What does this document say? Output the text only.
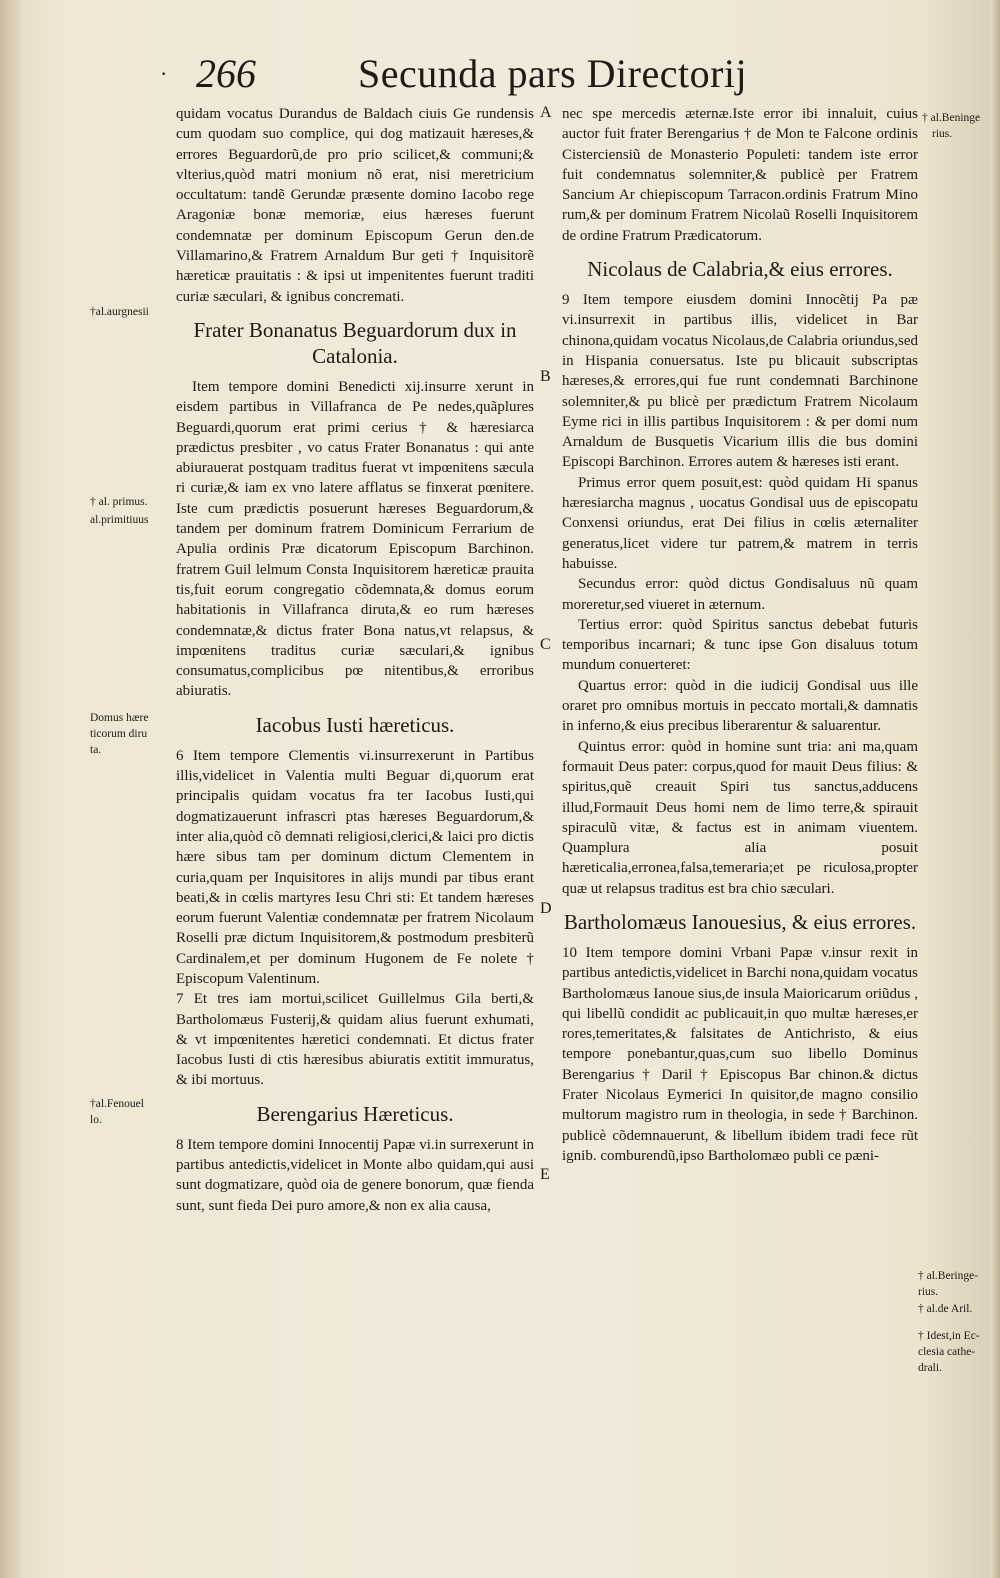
· 266	Secunda pars Directorij

quidam vocatus Durandus de Baldach ciuis Ge rundensis cum quodam suo complice, qui dog matizauit hæreses,& errores Beguardorũ,de pro prio scilicet,& communi;& vlterius,quòd matri monium nõ erat, nisi meretricium occultatum: tandẽ Gerundæ præsente domino Iacobo rege Aragoniæ bonæ memoriæ, eius hæreses fuerunt condemnatæ per dominum Episcopum Gerun den.de Villamarino,& Fratrem Arnaldum Bur geti † Inquisitorẽ hæreticæ prauitatis : & ipsi ut impenitentes fuerunt traditi curiæ sæculari, & ignibus concremati.

Frater Bonanatus Beguardorum dux in Catalonia.

Item tempore domini Benedicti xij.insurre xerunt in eisdem partibus in Villafranca de Pe nedes,quãplures Beguardi,quorum erat primi cerius † & hæresiarca prædictus presbiter , vo catus Frater Bonanatus : qui ante abiurauerat postquam traditus fuerat vt impœnitens sæcula ri curiæ,& iam ex vno latere afflatus se finxerat pœnitere. Iste cum prædictis posuerunt hæreses Beguardorum,& tandem per dominum fratrem Dominicum Ferrarium de Apulia ordinis Præ dicatorum Episcopum Barchinon. fratrem Guil lelmum Consta Inquisitorem hæreticæ prauita tis,fuit eorum congregatio cõdemnata,& domus eorum habitationis in Villafranca diruta,& eo rum hæreses condemnatæ,& dictus frater Bona natus,vt relapsus, & impœnitens traditus curiæ sæculari,& ignibus consumatus,complicibus pœ nitentibus,& erroribus abiuratis.

Iacobus Iusti hæreticus.

6 Item tempore Clementis vi.insurrexerunt in Partibus illis,videlicet in Valentia multi Beguar di,quorum erat principalis quidam vocatus fra ter Iacobus Iusti,qui dogmatizauerunt infrascri ptas hæreses Beguardorum,& inter alia,quòd cõ demnati religiosi,clerici,& laici pro dictis hære sibus tam per dominum dictum Clementem in curia,quam per Inquisitores in alijs mundi par tibus erant beati,& in cœlis martyres Iesu Chri sti: Et tandem hæreses eorum fuerunt Valentiæ condemnatæ per fratrem Nicolaum Roselli præ dictum Inquisitorem,& postmodum presbiterũ Cardinalem,et per dominum Hugonem de Fe nolete † Episcopum Valentinum.

7 Et tres iam mortui,scilicet Guillelmus Gila berti,& Bartholomæus Fusterij,& quidam alius fuerunt exhumati, & vt impœnitentes hæretici condemnati. Et dictus frater Iacobus Iusti di ctis hæresibus abiuratis extitit immuratus, & ibi mortuus.

Berengarius Hæreticus.

8 Item tempore domini Innocentij Papæ vi.in surrexerunt in partibus antedictis,videlicet in Monte albo quidam,qui ausi sunt dogmatizare, quòd oia de genere bonorum, quæ fienda sunt, sunt fieda Dei puro amore,& non ex alia causa,

nec spe mercedis æternæ.Iste error ibi innaluit, cuius auctor fuit frater Berengarius † de Mon te Falcone ordinis Cisterciensiũ de Monasterio Populeti: tandem iste error fuit condemnatus solemniter,& publicè per Fratrem Sancium Ar chiepiscopum Tarracon.ordinis Fratrum Mino rum,& per dominum Fratrem Nicolaũ Roselli Inquisitorem de ordine Fratrum Prædicatorum.

Nicolaus de Calabria,& eius errores.

9 Item tempore eiusdem domini Innocẽtij Pa pæ vi.insurrexit in partibus illis, videlicet in Bar chinona,quidam vocatus Nicolaus,de Calabria oriundus,sed in Hispania conuersatus. Iste pu blicauit subscriptas hæreses,& errores,qui fue runt condemnati Barchinone solemniter,& pu blicè per prædictum Fratrem Nicolaum Eyme rici in illis partibus Inquisitorem : & per domi num Arnaldum de Busquetis Vicarium illis die bus domini Episcopi Barchinon. Errores autem & hæreses isti erant.

Primus error quem posuit,est: quòd quidam Hi spanus hæresiarcha magnus , uocatus Gondisal uus de episcopatu Conxensi oriundus, erat Dei filius in cœlis æternaliter generatus,licet videre tur patrem,& matrem in terris habuisse.

Secundus error: quòd dictus Gondisaluus nũ quam moreretur,sed viueret in æternum.

Tertius error: quòd Spiritus sanctus debebat futuris temporibus incarnari; & tunc ipse Gon disaluus totum mundum conuerteret:

Quartus error: quòd in die iudicij Gondisal uus ille oraret pro omnibus mortuis in peccato mortali,& damnatis in inferno,& eius precibus liberarentur & saluarentur.

Quintus error: quòd in homine sunt tria: ani ma,quam formauit Deus pater: corpus,quod for mauit Deus filius: & spiritus,quẽ creauit Spiri tus sanctus,adducens illud,Formauit Deus homi nem de limo terre,& spirauit spiraculũ vitæ, & factus est in animam viuentem. Quamplura alia posuit hæreticalia,erronea,falsa,temeraria;et pe riculosa,propter quæ ut relapsus traditus est bra chio sæculari.

Bartholomæus Ianouesius, & eius errores.

10 Item tempore domini Vrbani Papæ v.insur rexit in partibus antedictis,videlicet in Barchi nona,quidam vocatus Bartholomæus Ianoue sius,de insula Maioricarum oriũdus , qui libellũ condidit ac publicauit,in quo multæ hæreses,er rores,temeritates,& falsitates de Antichristo, & eius tempore ponebantur,quas,cum suo libello Dominus Berengarius † Daril † Episcopus Bar chinon.& dictus Frater Nicolaus Eymerici In quisitor,de magno consilio multorum magistro rum in theologia, in sede † Barchinon. publicè cõdemnauerunt, & libellum ibidem tradi fece rũt ignib. comburendũ,ipso Bartholomæo publi ce pæni-

A
B
C
D
E
†al.aurgnesii
† al. primus.
al.primitiuus
Domus hære
ticorum diru
ta.
†al.Fenouel
lo.
† al.Beninge
rius.
† al.Beringe-
rius.
† al.de Aril.
† Idest,in Ec-
clesia cathe-
drali.
